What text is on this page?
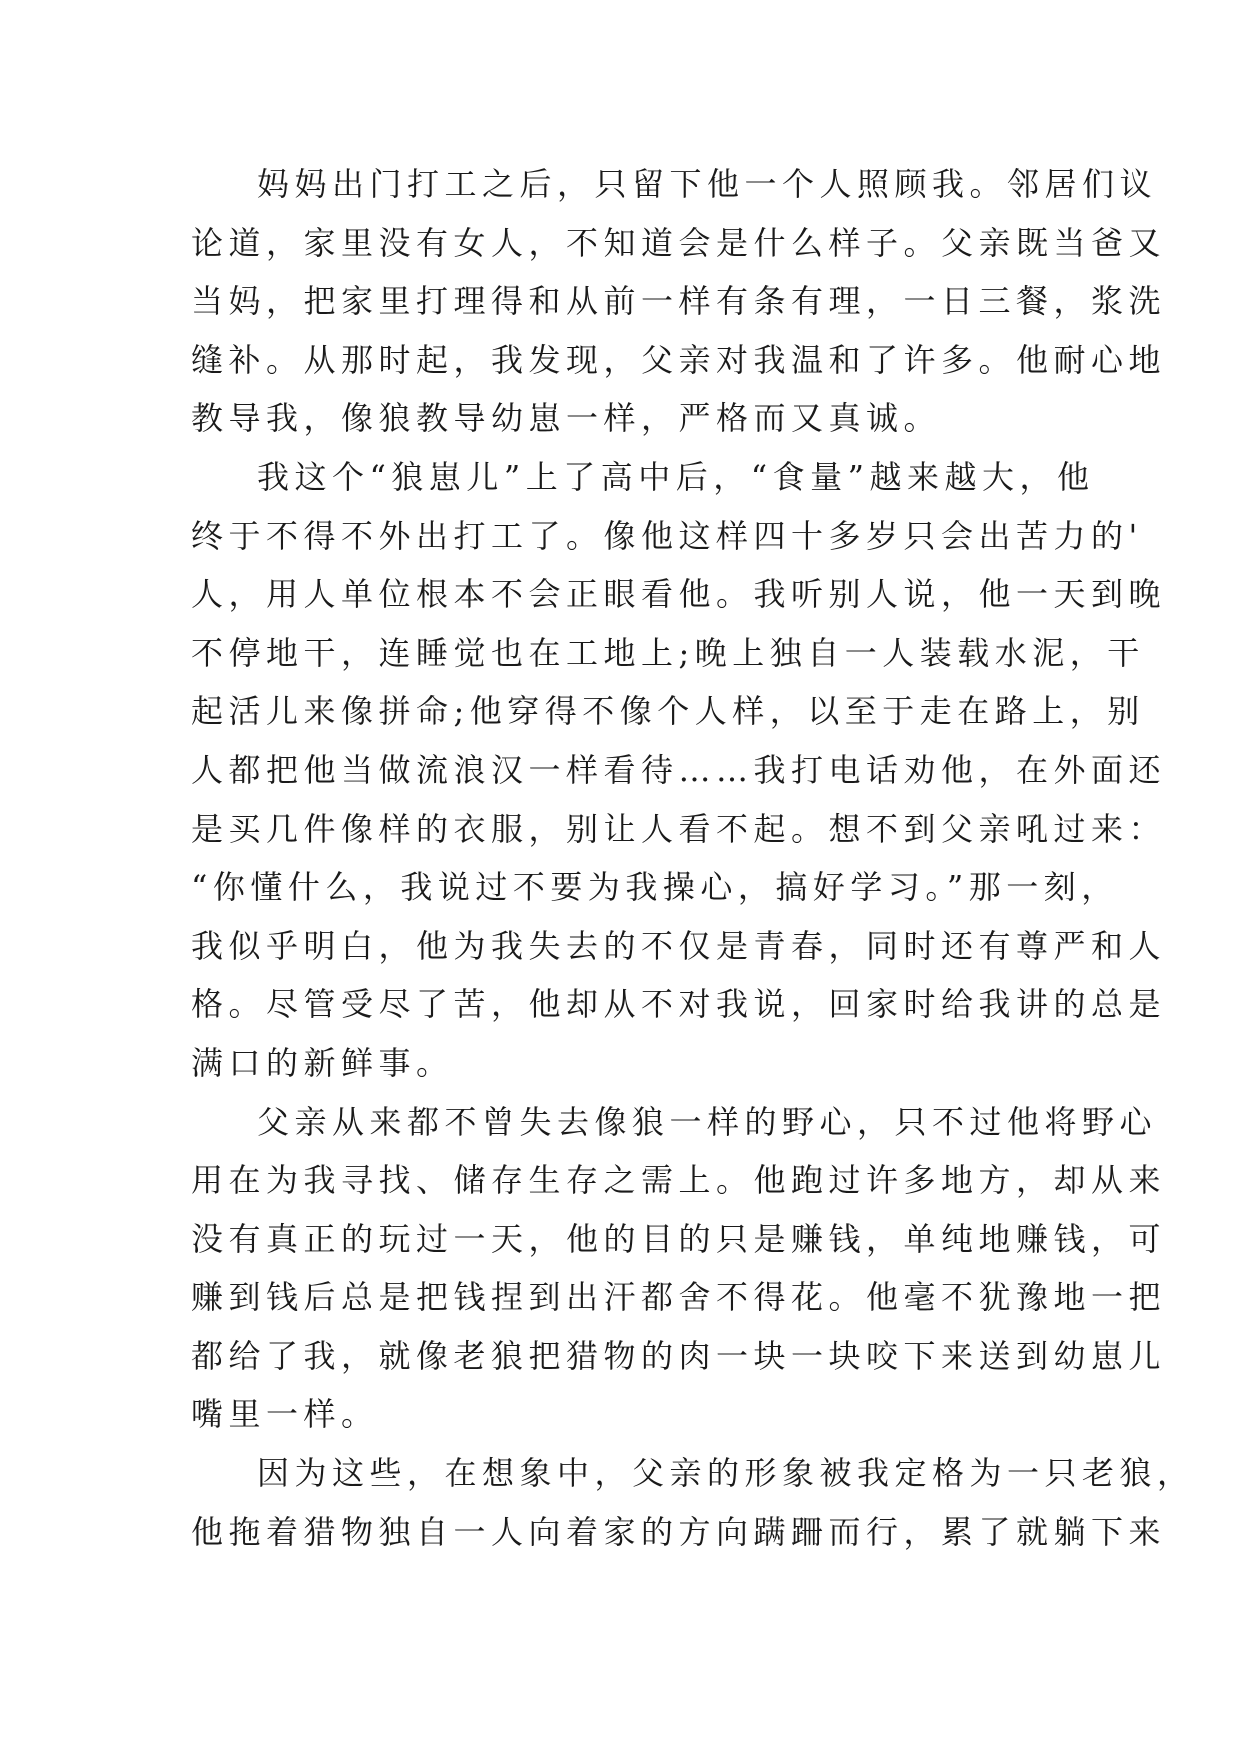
妈妈出门打工之后，只留下他一个人照顾我。邻居们议
论道，家里没有女人，不知道会是什么样子。父亲既当爸又
当妈，把家里打理得和从前一样有条有理，一日三餐，浆洗
缝补。从那时起，我发现，父亲对我温和了许多。他耐心地
教导我，像狼教导幼崽一样，严格而又真诚。
我这个“狼崽儿”上了高中后，“食量”越来越大，他
终于不得不外出打工了。像他这样四十多岁只会出苦力的'
人，用人单位根本不会正眼看他。我听别人说，他一天到晚
不停地干，连睡觉也在工地上;晚上独自一人装载水泥，干
起活儿来像拼命;他穿得不像个人样，以至于走在路上，别
人都把他当做流浪汉一样看待……我打电话劝他，在外面还
是买几件像样的衣服，别让人看不起。想不到父亲吼过来：
“你懂什么，我说过不要为我操心，搞好学习。”那一刻，
我似乎明白，他为我失去的不仅是青春，同时还有尊严和人
格。尽管受尽了苦，他却从不对我说，回家时给我讲的总是
满口的新鲜事。
父亲从来都不曾失去像狼一样的野心，只不过他将野心
用在为我寻找、储存生存之需上。他跑过许多地方，却从来
没有真正的玩过一天，他的目的只是赚钱，单纯地赚钱，可
赚到钱后总是把钱捏到出汗都舍不得花。他毫不犹豫地一把
都给了我，就像老狼把猎物的肉一块一块咬下来送到幼崽儿
嘴里一样。
因为这些，在想象中，父亲的形象被我定格为一只老狼，
他拖着猎物独自一人向着家的方向蹒跚而行，累了就躺下来
